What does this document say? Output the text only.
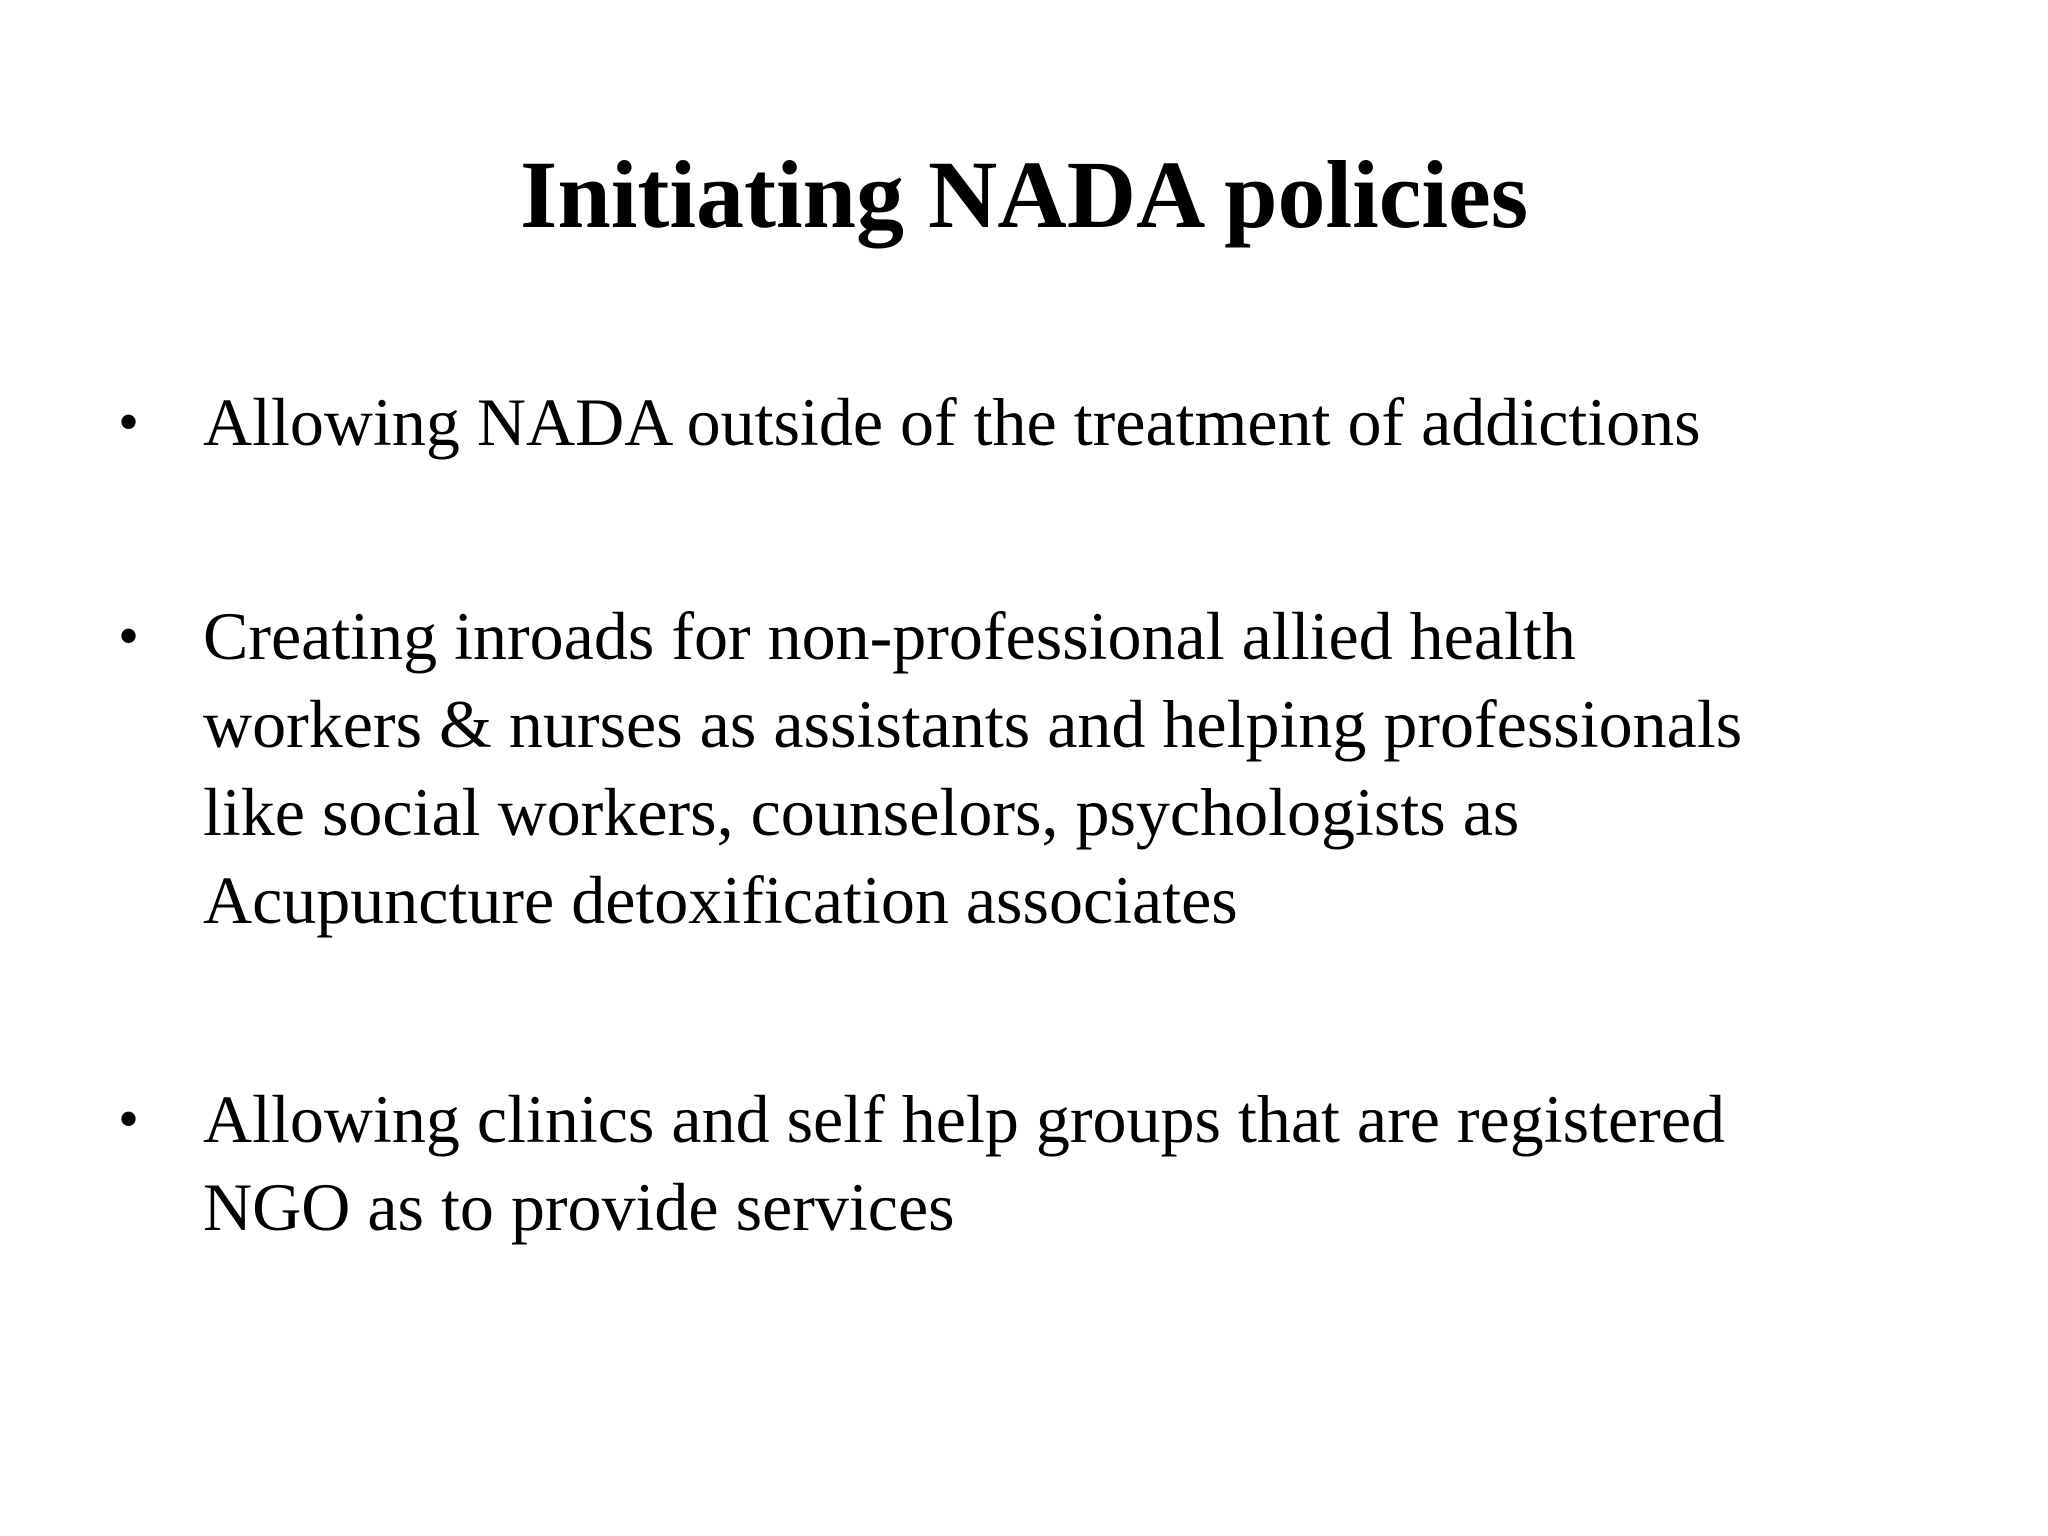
Initiating NADA policies
• Allowing NADA outside of the treatment of addictions
• Creating inroads for non-professional allied health
workers & nurses as assistants and helping professionals
like social workers, counselors, psychologists as
Acupuncture detoxification associates
• Allowing clinics and self help groups that are registered
NGO as to provide services
